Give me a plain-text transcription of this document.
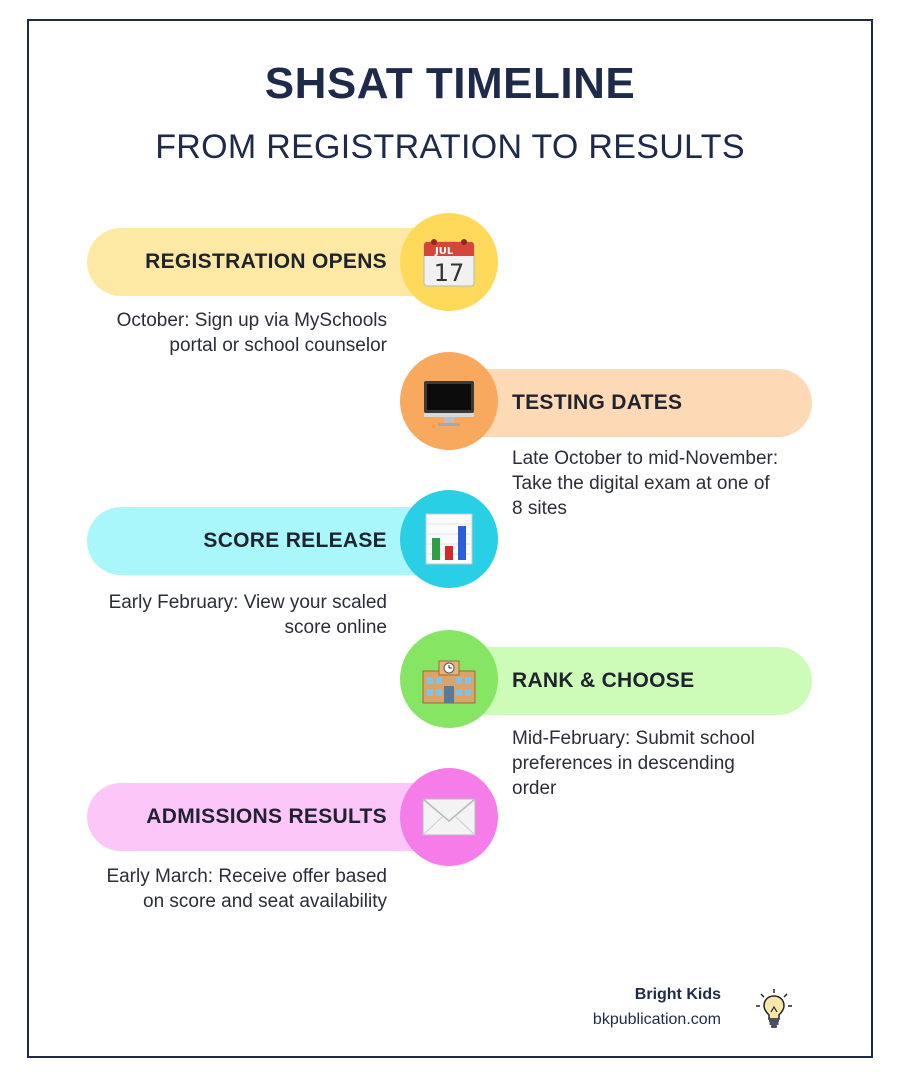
SHSAT TIMELINE
FROM REGISTRATION TO RESULTS
REGISTRATION OPENS	JUL
17
October: Sign up via MySchools portal or school counselor
TESTING DATES
Late October to mid-November: Take the digital exam at one of 8 sites
SCORE RELEASE
Early February: View your scaled score online
RANK & CHOOSE
Mid-February: Submit school preferences in descending order
ADMISSIONS RESULTS
Early March: Receive offer based on score and seat availability
Bright Kids
bkpublication.com
